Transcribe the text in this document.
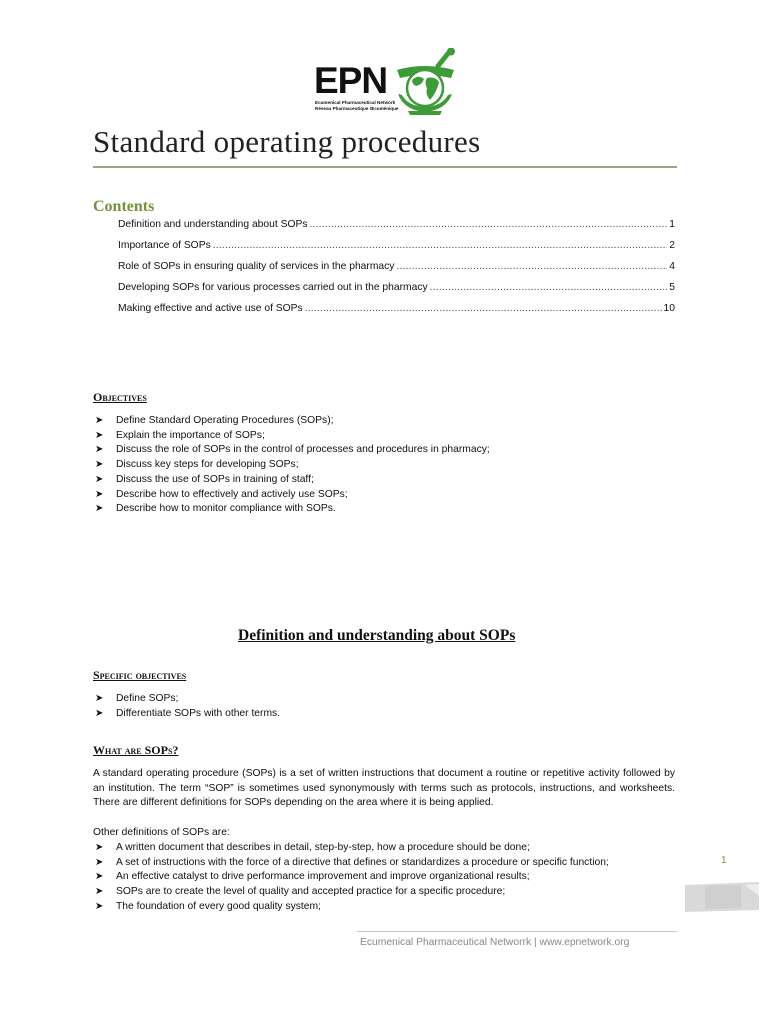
EPN
Ecumenical Pharmaceutical Network
Réseau Pharmaceutique Œcuménique
Standard operating procedures
Contents
Definition and understanding about SOPs .....	1
Importance of SOPs .....	2
Role of SOPs in ensuring quality of services in the pharmacy .....	4
Developing SOPs for various processes carried out in the pharmacy .....	5
Making effective and active use of SOPs .....	10
Objectives
➤ Define Standard Operating Procedures (SOPs);
➤ Explain the importance of SOPs;
➤ Discuss the role of SOPs in the control of processes and procedures in pharmacy;
➤ Discuss key steps for developing SOPs;
➤ Discuss the use of SOPs in training of staff;
➤ Describe how to effectively and actively use SOPs;
➤ Describe how to monitor compliance with SOPs.
Definition and understanding about SOPs
Specific objectives
➤ Define SOPs;
➤ Differentiate SOPs with other terms.
What are SOPs?
A standard operating procedure (SOPs) is a set of written instructions that document a routine or repetitive activity followed by an institution. The term “SOP” is sometimes used synonymously with terms such as protocols, instructions, and worksheets. There are different definitions for SOPs depending on the area where it is being applied.
Other definitions of SOPs are:
➤ A written document that describes in detail, step-by-step, how a procedure should be done;
➤ A set of instructions with the force of a directive that defines or standardizes a procedure or specific function;
➤ An effective catalyst to drive performance improvement and improve organizational results;
➤ SOPs are to create the level of quality and accepted practice for a specific procedure;
➤ The foundation of every good quality system;
1
Ecumenical Pharmaceutical Networrk | www.epnetwork.org
